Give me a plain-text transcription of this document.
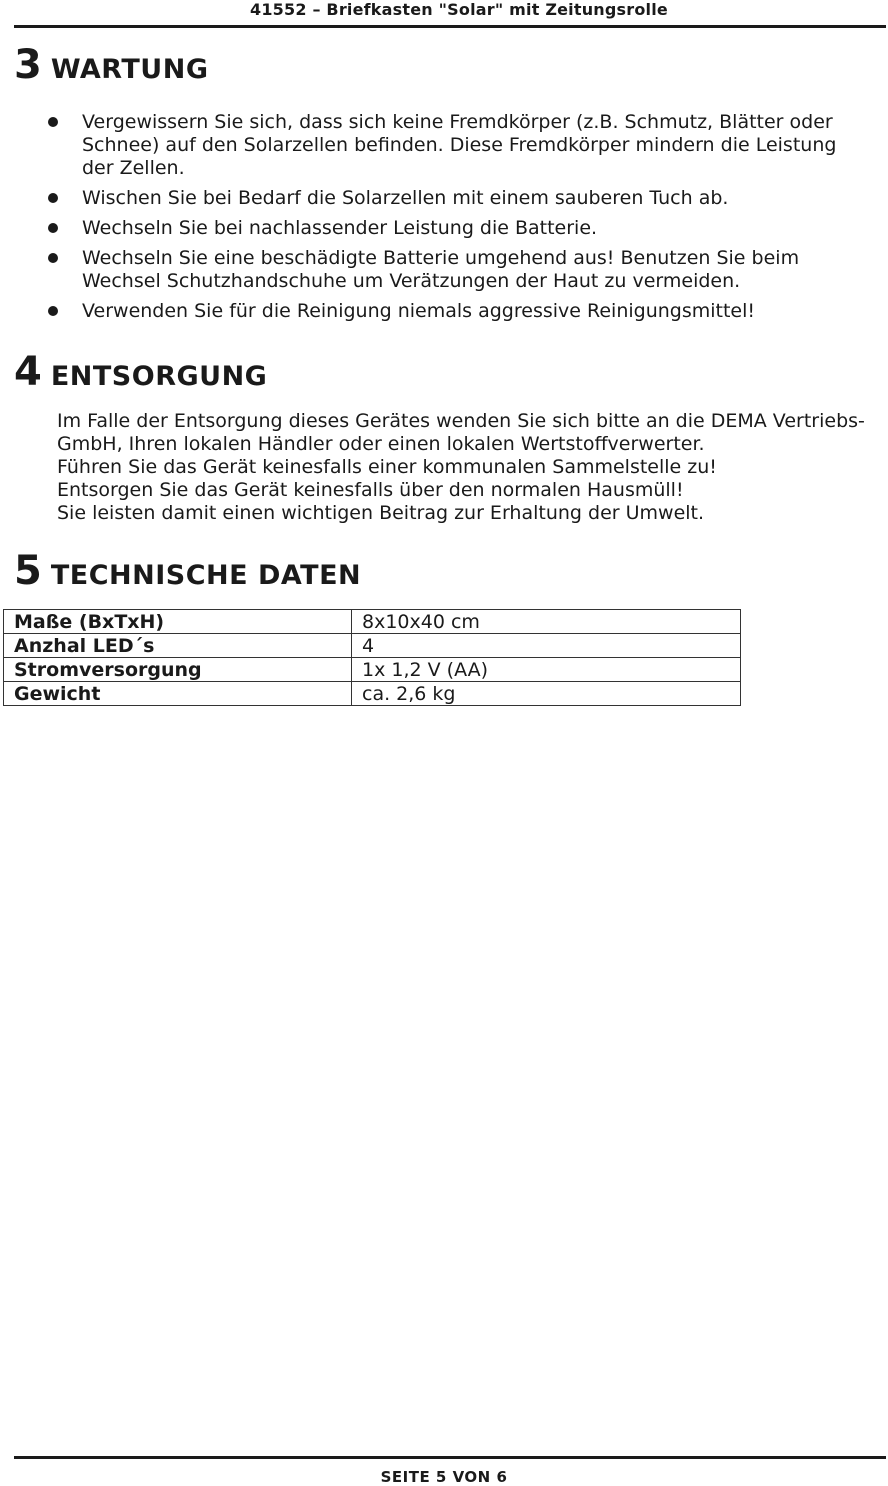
41552 – Briefkasten "Solar" mit Zeitungsrolle
3 WARTUNG
Vergewissern Sie sich, dass sich keine Fremdkörper (z.B. Schmutz, Blätter oder Schnee) auf den Solarzellen befinden. Diese Fremdkörper mindern die Leistung der Zellen.
Wischen Sie bei Bedarf die Solarzellen mit einem sauberen Tuch ab.
Wechseln Sie bei nachlassender Leistung die Batterie.
Wechseln Sie eine beschädigte Batterie umgehend aus! Benutzen Sie beim Wechsel Schutzhandschuhe um Verätzungen der Haut zu vermeiden.
Verwenden Sie für die Reinigung niemals aggressive Reinigungsmittel!
4 ENTSORGUNG
Im Falle der Entsorgung dieses Gerätes wenden Sie sich bitte an die DEMA Vertriebs-
GmbH, Ihren lokalen Händler oder einen lokalen Wertstoffverwerter.
Führen Sie das Gerät keinesfalls einer kommunalen Sammelstelle zu!
Entsorgen Sie das Gerät keinesfalls über den normalen Hausmüll!
Sie leisten damit einen wichtigen Beitrag zur Erhaltung der Umwelt.
5 TECHNISCHE DATEN
Maße (BxTxH)	8x10x40 cm
Anzhal LED´s	4
Stromversorgung	1x 1,2 V (AA)
Gewicht	ca. 2,6 kg
SEITE 5 VON 6
